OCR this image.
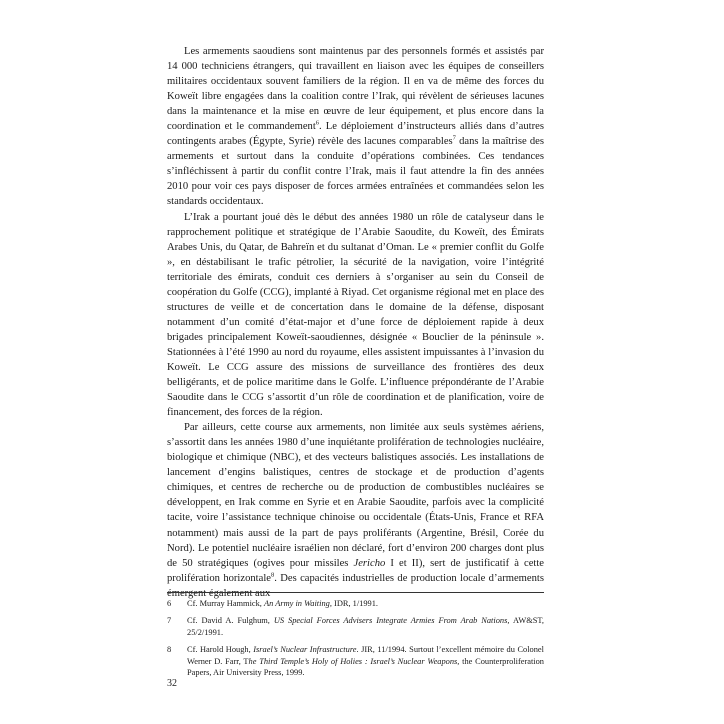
Les armements saoudiens sont maintenus par des personnels formés et assistés par 14 000 techniciens étrangers, qui travaillent en liaison avec les équipes de conseillers militaires occidentaux souvent familiers de la région. Il en va de même des forces du Koweït libre engagées dans la coalition contre l’Irak, qui révèlent de sérieuses lacunes dans la maintenance et la mise en œuvre de leur équipement, et plus encore dans la coordination et le commandement$^6$. Le déploiement d’instructeurs alliés dans d’autres contingents arabes (Égypte, Syrie) révèle des lacunes comparables$^7$ dans la maîtrise des armements et surtout dans la conduite d’opérations combinées. Ces tendances s’infléchissent à partir du conflit contre l’Irak, mais il faut attendre la fin des années 2010 pour voir ces pays disposer de forces armées entraînées et commandées selon les standards occidentaux.

L’Irak a pourtant joué dès le début des années 1980 un rôle de catalyseur dans le rapprochement politique et stratégique de l’Arabie Saoudite, du Koweït, des Émirats Arabes Unis, du Qatar, de Bahreïn et du sultanat d’Oman. Le « premier conflit du Golfe », en déstabilisant le trafic pétrolier, la sécurité de la navigation, voire l’intégrité territoriale des émirats, conduit ces derniers à s’organiser au sein du Conseil de coopération du Golfe (CCG), implanté à Riyad. Cet organisme régional met en place des structures de veille et de concertation dans le domaine de la défense, disposant notamment d’un comité d’état-major et d’une force de déploiement rapide à deux brigades principalement Koweït-saoudiennes, désignée « Bouclier de la péninsule ». Stationnées à l’été 1990 au nord du royaume, elles assistent impuissantes à l’invasion du Koweït. Le CCG assure des missions de surveillance des frontières des deux belligérants, et de police maritime dans le Golfe. L’influence prépondérante de l’Arabie Saoudite dans le CCG s’assortit d’un rôle de coordination et de planification, voire de financement, des forces de la région.

Par ailleurs, cette course aux armements, non limitée aux seuls systèmes aériens, s’assortit dans les années 1980 d’une inquiétante prolifération de technologies nucléaire, biologique et chimique (NBC), et des vecteurs balistiques associés. Les installations de lancement d’engins balistiques, centres de stockage et de production d’agents chimiques, et centres de recherche ou de production de combustibles nucléaires se développent, en Irak comme en Syrie et en Arabie Saoudite, parfois avec la complicité tacite, voire l’assistance technique chinoise ou occidentale (États-Unis, France et RFA notamment) mais aussi de la part de pays proliférants (Argentine, Brésil, Corée du Nord). Le potentiel nucléaire israélien non déclaré, fort d’environ 200 charges dont plus de 50 stratégiques (ogives pour missiles Jericho I et II), sert de justificatif à cette prolifération horizontale$^8$. Des capacités industrielles de production locale d’armements émergent également aux

6	Cf. Murray Hammick, An Army in Waiting, IDR, 1/1991.
7	Cf. David A. Fulghum, US Special Forces Advisers Integrate Armies From Arab Nations, AW&ST, 25/2/1991.
8	Cf. Harold Hough, Israel’s Nuclear Infrastructure. JIR, 11/1994. Surtout l’excellent mémoire du Colonel Werner D. Farr, The Third Temple’s Holy of Holies : Israel’s Nuclear Weapons, the Counterproliferation Papers, Air University Press, 1999.
32
